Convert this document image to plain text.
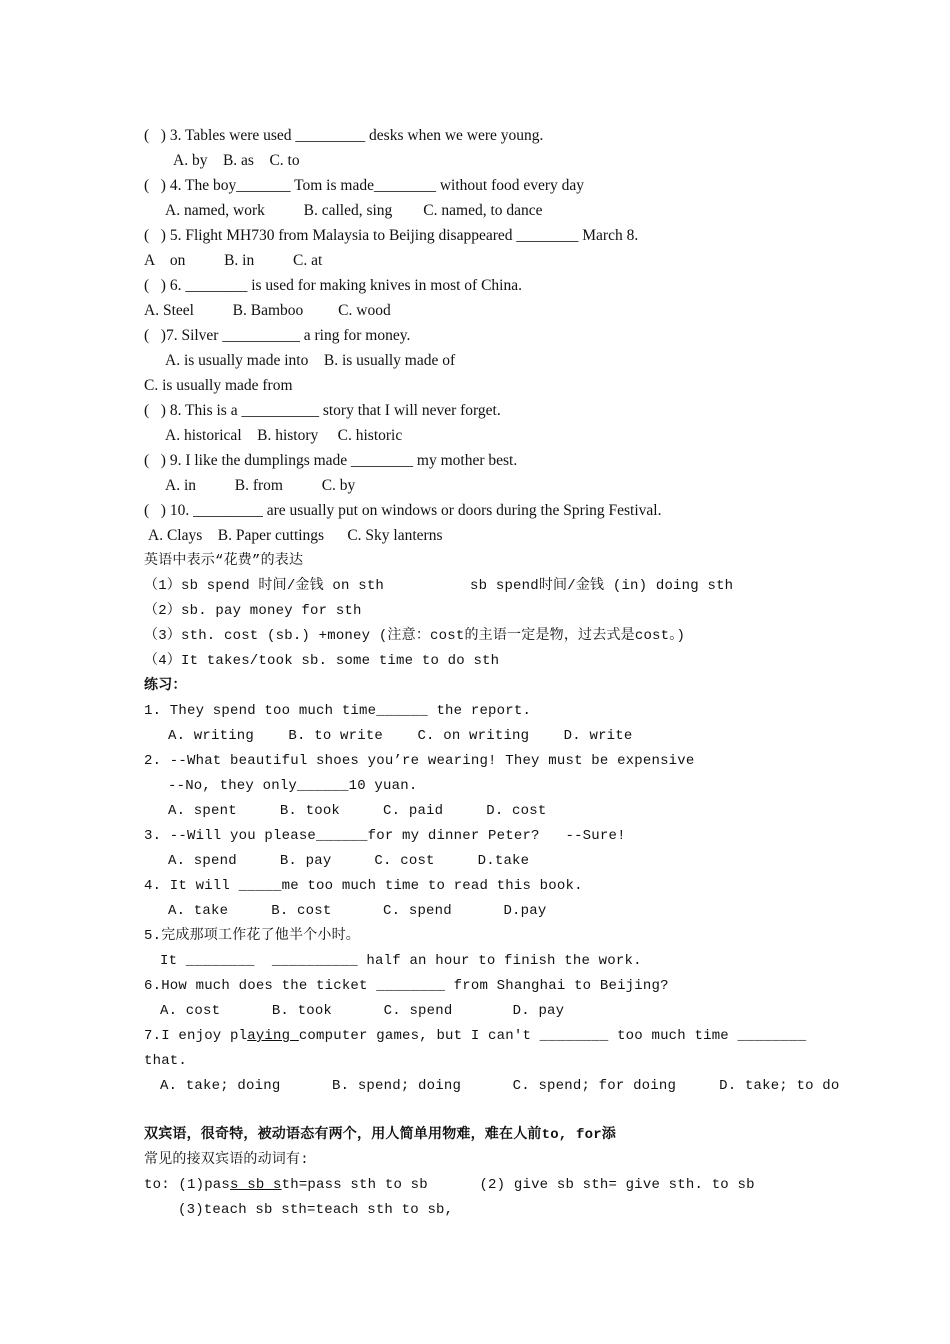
(   ) 3. Tables were used _________ desks when we were young.
A. by    B. as    C. to
(   ) 4. The boy_______ Tom is made________ without food every day
A. named, work          B. called, sing        C. named, to dance
(   ) 5. Flight MH730 from Malaysia to Beijing disappeared ________ March 8.
A    on          B. in          C. at
(   ) 6. ________ is used for making knives in most of China.
A. Steel          B. Bamboo         C. wood
(   )7. Silver __________ a ring for money.
A. is usually made into    B. is usually made of
C. is usually made from
(   ) 8. This is a __________ story that I will never forget.
A. historical    B. history     C. historic
(   ) 9. I like the dumplings made ________ my mother best.
A. in          B. from          C. by
(   ) 10. _________ are usually put on windows or doors during the Spring Festival.
A. Clays    B. Paper cuttings      C. Sky lanterns
英语中表示“花费”的表达
（1）sb spend 时间/金钱 on sth          sb spend时间/金钱 (in) doing sth
（2）sb. pay money for sth
（3）sth. cost (sb.) +money (注意：cost的主语一定是物，过去式是cost。)
（4）It takes/took sb. some time to do sth
练习：
1. They spend too much time______ the report.
A. writing    B. to write    C. on writing    D. write
2. --What beautiful shoes you’re wearing! They must be expensive
--No, they only______10 yuan.
A. spent     B. took     C. paid     D. cost
3. --Will you please______for my dinner Peter?   --Sure!
A. spend     B. pay     C. cost     D.take
4. It will _____me too much time to read this book.
A. take     B. cost      C. spend      D.pay
5.完成那项工作花了他半个小时。
It ________  __________ half an hour to finish the work.
6.How much does the ticket ________ from Shanghai to Beijing?
A. cost      B. took      C. spend       D. pay
7.I enjoy playing computer games, but I can't ________ too much time ________
that.
A. take; doing      B. spend; doing      C. spend; for doing     D. take; to do
双宾语，很奇特，被动语态有两个，用人简单用物难，难在人前to, for添
常见的接双宾语的动词有:
to: (1)pass sb sth=pass sth to sb      (2) give sb sth= give sth. to sb
(3)teach sb sth=teach sth to sb,
